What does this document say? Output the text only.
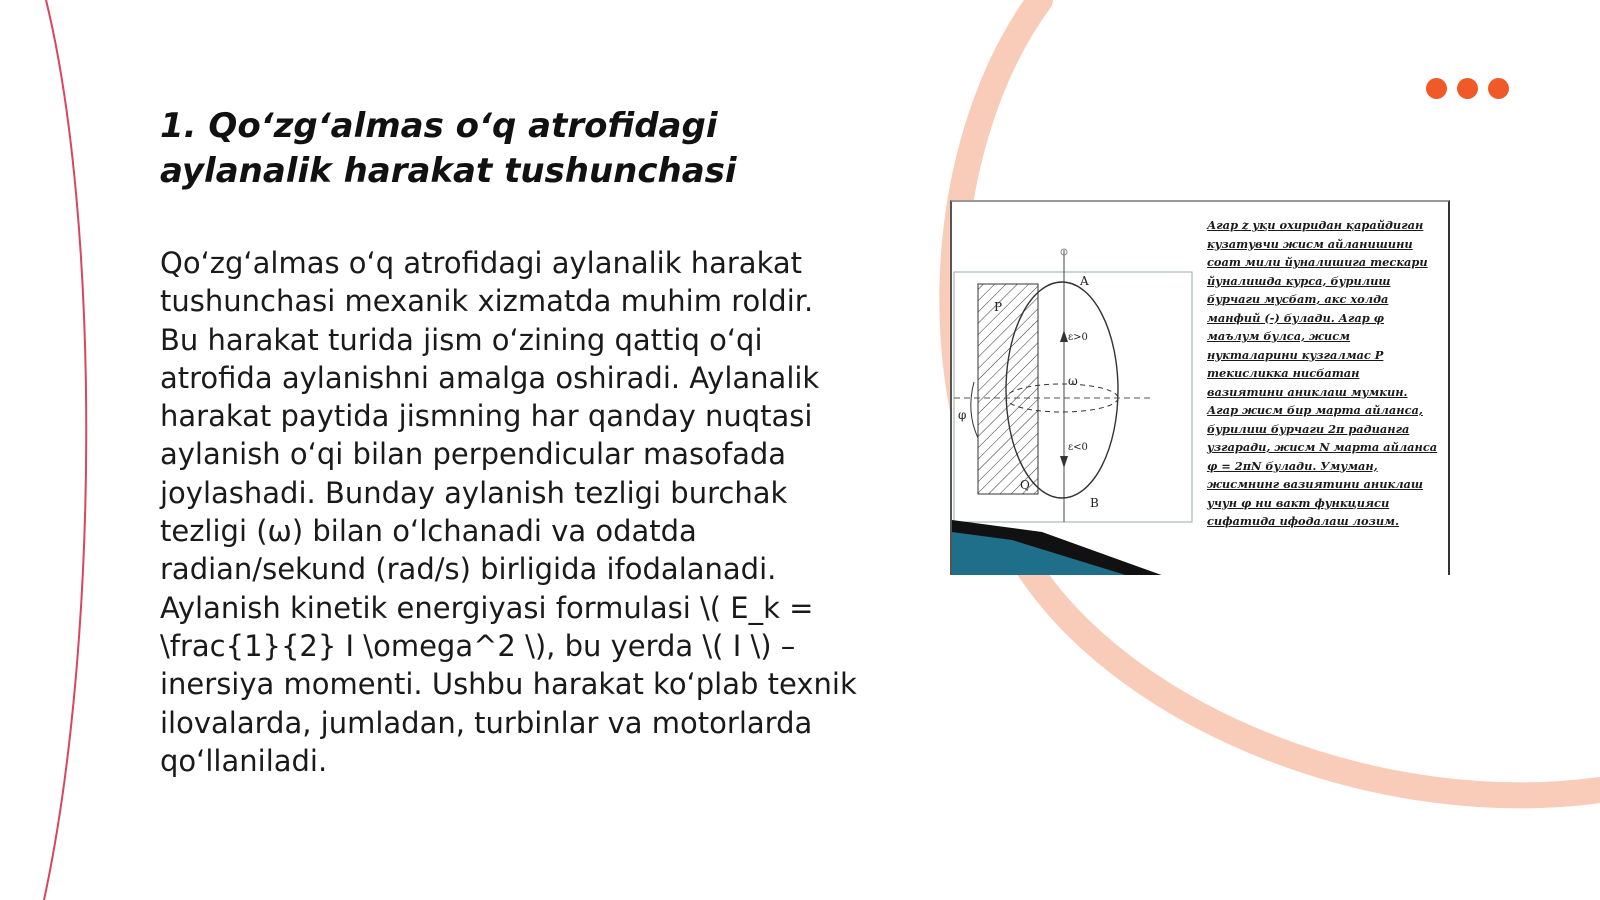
1. Qo‘zg‘almas o‘q atrofidagi aylanalik harakat tushunchasi

Qo‘zg‘almas o‘q atrofidagi aylanalik harakat tushunchasi mexanik xizmatda muhim roldir. Bu harakat turida jism o‘zining qattiq o‘qi atrofida aylanishni amalga oshiradi. Aylanalik harakat paytida jismning har qanday nuqtasi aylanish o‘qi bilan perpendicular masofada joylashadi. Bunday aylanish tezligi burchak tezligi (ω) bilan o‘lchanadi va odatda radian/sekund (rad/s) birligida ifodalanadi. Aylanish kinetik energiyasi formulasi \( E_k = \frac{1}{2} I \omega^2 \), bu yerda \( I \) – inersiya momenti. Ushbu harakat ko‘plab texnik ilovalarda, jumladan, turbinlar va motorlarda qo‘llaniladi.

A
P
ε>0
ω
φ
ε<0
Q
B

Агар z уқи охиридан қарайдиган кузатувчи жисм айланишини соат мили йуналишига тескари йуналишда курса, бурилиш бурчаги мусбат, акс холда манфий (-) булади. Агар φ маълум булса, жисм нукталарини кузгалмас P текисликка нисбатан вазиятини аниклаш мумкин. Агар жисм бир марта айланса, бурилиш бурчаги 2π радианга узгаради, жисм N марта айланса φ = 2πN булади. Умуман, жисмнинг вазиятини аниклаш учун φ ни вакт функцияси сифатида ифодалаш лозим.
